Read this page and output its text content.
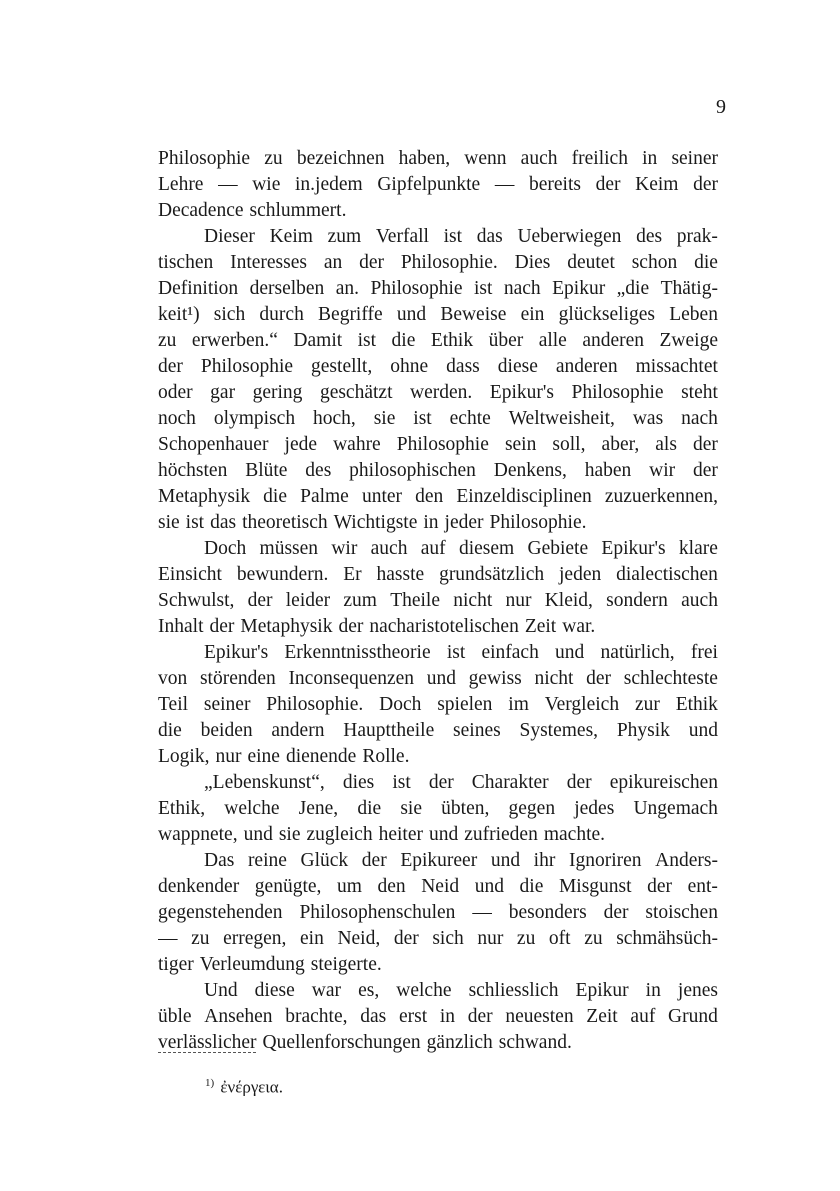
9
Philosophie zu bezeichnen haben, wenn auch freilich in seiner
Lehre — wie in.jedem Gipfelpunkte — bereits der Keim der
Decadence schlummert.
Dieser Keim zum Verfall ist das Ueberwiegen des prak-
tischen Interesses an der Philosophie. Dies deutet schon die
Definition derselben an. Philosophie ist nach Epikur „die Thätig-
keit¹) sich durch Begriffe und Beweise ein glückseliges Leben
zu erwerben.“ Damit ist die Ethik über alle anderen Zweige
der Philosophie gestellt, ohne dass diese anderen missachtet
oder gar gering geschätzt werden. Epikur's Philosophie steht
noch olympisch hoch, sie ist echte Weltweisheit, was nach
Schopenhauer jede wahre Philosophie sein soll, aber, als der
höchsten Blüte des philosophischen Denkens, haben wir der
Metaphysik die Palme unter den Einzeldisciplinen zuzuerkennen,
sie ist das theoretisch Wichtigste in jeder Philosophie.
Doch müssen wir auch auf diesem Gebiete Epikur's klare
Einsicht bewundern. Er hasste grundsätzlich jeden dialectischen
Schwulst, der leider zum Theile nicht nur Kleid, sondern auch
Inhalt der Metaphysik der nacharistotelischen Zeit war.
Epikur's Erkenntnisstheorie ist einfach und natürlich, frei
von störenden Inconsequenzen und gewiss nicht der schlechteste
Teil seiner Philosophie. Doch spielen im Vergleich zur Ethik
die beiden andern Haupttheile seines Systemes, Physik und
Logik, nur eine dienende Rolle.
„Lebenskunst“, dies ist der Charakter der epikureischen
Ethik, welche Jene, die sie übten, gegen jedes Ungemach
wappnete, und sie zugleich heiter und zufrieden machte.
Das reine Glück der Epikureer und ihr Ignoriren Anders-
denkender genügte, um den Neid und die Misgunst der ent-
gegenstehenden Philosophenschulen — besonders der stoischen
— zu erregen, ein Neid, der sich nur zu oft zu schmähsüch-
tiger Verleumdung steigerte.
Und diese war es, welche schliesslich Epikur in jenes
üble Ansehen brachte, das erst in der neuesten Zeit auf Grund
verlässlicher Quellenforschungen gänzlich schwand.
$^{1)}$ ἐνέργεια.
